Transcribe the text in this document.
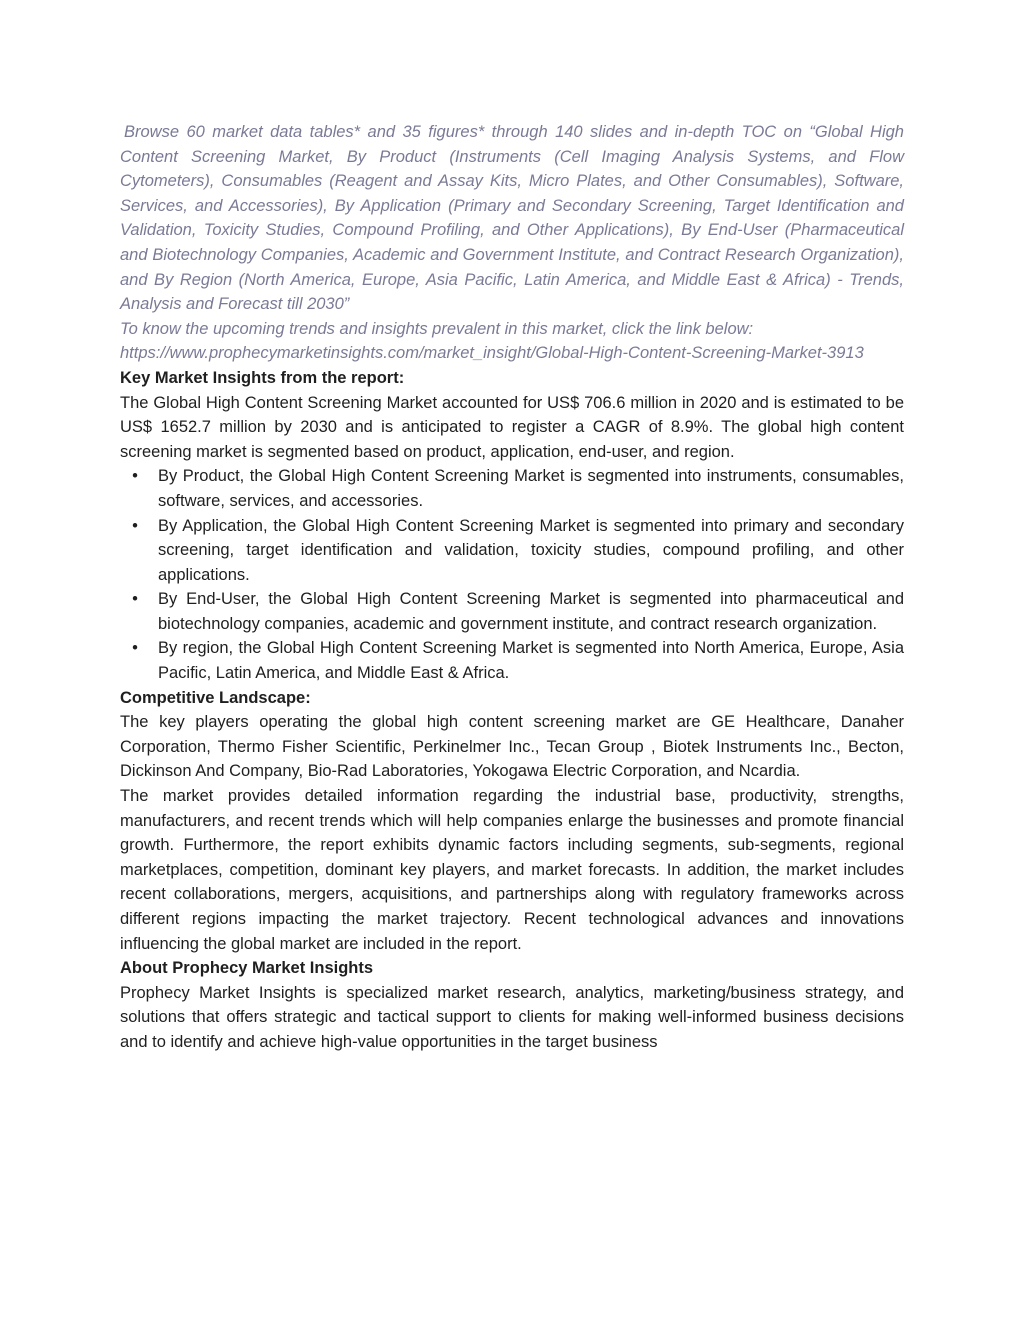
Browse 60 market data tables* and 35 figures* through 140 slides and in-depth TOC on “Global High Content Screening Market, By Product (Instruments (Cell Imaging Analysis Systems, and Flow Cytometers), Consumables (Reagent and Assay Kits, Micro Plates, and Other Consumables), Software, Services, and Accessories), By Application (Primary and Secondary Screening, Target Identification and Validation, Toxicity Studies, Compound Profiling, and Other Applications), By End-User (Pharmaceutical and Biotechnology Companies, Academic and Government Institute, and Contract Research Organization), and By Region (North America, Europe, Asia Pacific, Latin America, and Middle East & Africa) - Trends, Analysis and Forecast till 2030”

To know the upcoming trends and insights prevalent in this market, click the link below:

https://www.prophecymarketinsights.com/market_insight/Global-High-Content-Screening-Market-3913

Key Market Insights from the report:

The Global High Content Screening Market accounted for US$ 706.6 million in 2020 and is estimated to be US$ 1652.7 million by 2030 and is anticipated to register a CAGR of 8.9%. The global high content screening market is segmented based on product, application, end-user, and region.

• By Product, the Global High Content Screening Market is segmented into instruments, consumables, software, services, and accessories.
• By Application, the Global High Content Screening Market is segmented into primary and secondary screening, target identification and validation, toxicity studies, compound profiling, and other applications.
• By End-User, the Global High Content Screening Market is segmented into pharmaceutical and biotechnology companies, academic and government institute, and contract research organization.
• By region, the Global High Content Screening Market is segmented into North America, Europe, Asia Pacific, Latin America, and Middle East & Africa.
Competitive Landscape:

The key players operating the global high content screening market are GE Healthcare, Danaher Corporation, Thermo Fisher Scientific, Perkinelmer Inc., Tecan Group , Biotek Instruments Inc., Becton, Dickinson And Company, Bio-Rad Laboratories, Yokogawa Electric Corporation, and Ncardia.

The market provides detailed information regarding the industrial base, productivity, strengths, manufacturers, and recent trends which will help companies enlarge the businesses and promote financial growth. Furthermore, the report exhibits dynamic factors including segments, sub-segments, regional marketplaces, competition, dominant key players, and market forecasts. In addition, the market includes recent collaborations, mergers, acquisitions, and partnerships along with regulatory frameworks across different regions impacting the market trajectory. Recent technological advances and innovations influencing the global market are included in the report.

About Prophecy Market Insights

Prophecy Market Insights is specialized market research, analytics, marketing/business strategy, and solutions that offers strategic and tactical support to clients for making well-informed business decisions and to identify and achieve high-value opportunities in the target business
